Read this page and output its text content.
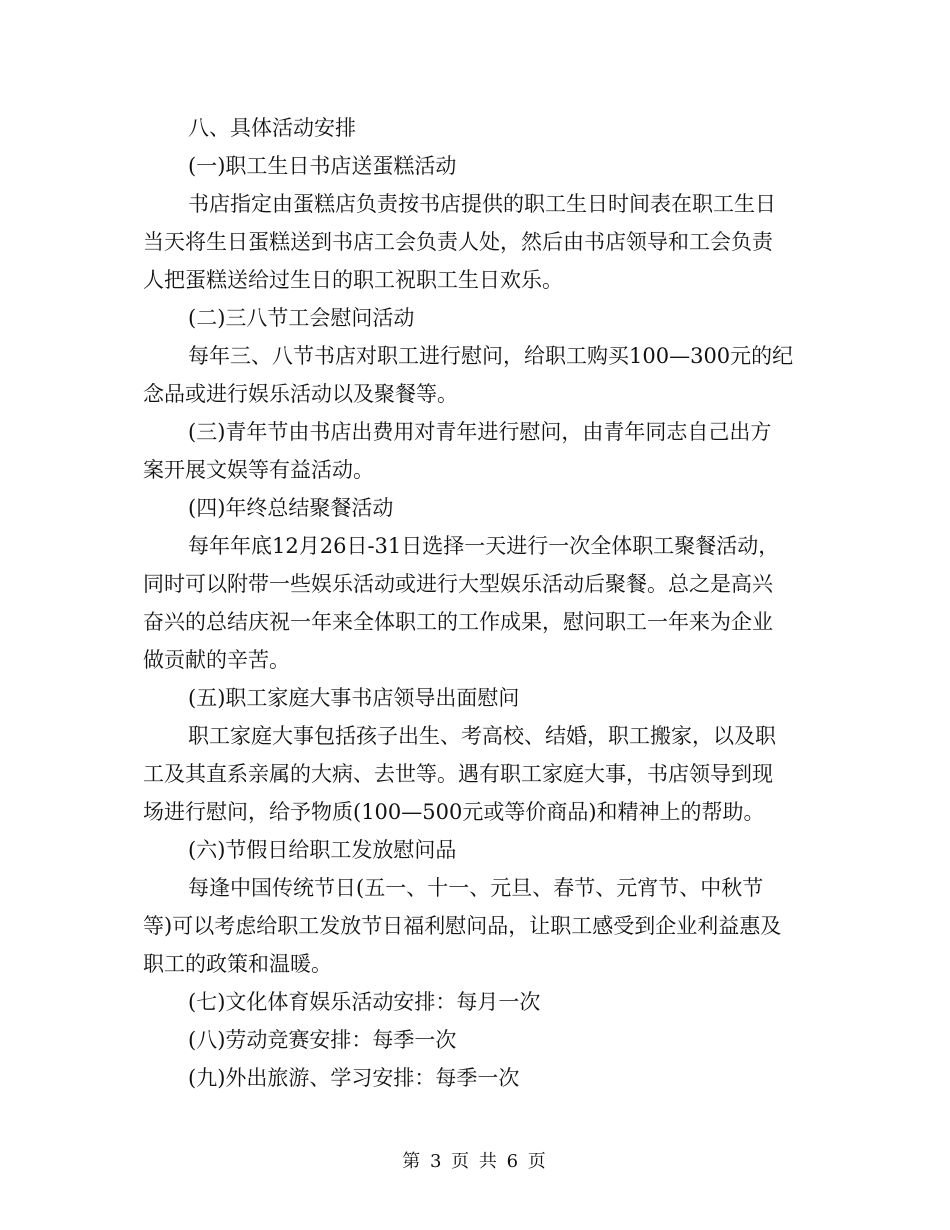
八、具体活动安排
(一)职工生日书店送蛋糕活动
书店指定由蛋糕店负责按书店提供的职工生日时间表在职工生日
当天将生日蛋糕送到书店工会负责人处，然后由书店领导和工会负责
人把蛋糕送给过生日的职工祝职工生日欢乐。
(二)三八节工会慰问活动
每年三、八节书店对职工进行慰问，给职工购买100—300元的纪
念品或进行娱乐活动以及聚餐等。
(三)青年节由书店出费用对青年进行慰问，由青年同志自己出方
案开展文娱等有益活动。
(四)年终总结聚餐活动
每年年底12月26日-31日选择一天进行一次全体职工聚餐活动，
同时可以附带一些娱乐活动或进行大型娱乐活动后聚餐。总之是高兴
奋兴的总结庆祝一年来全体职工的工作成果，慰问职工一年来为企业
做贡献的辛苦。
(五)职工家庭大事书店领导出面慰问
职工家庭大事包括孩子出生、考高校、结婚，职工搬家，以及职
工及其直系亲属的大病、去世等。遇有职工家庭大事，书店领导到现
场进行慰问，给予物质(100—500元或等价商品)和精神上的帮助。
(六)节假日给职工发放慰问品
每逢中国传统节日(五一、十一、元旦、春节、元宵节、中秋节
等)可以考虑给职工发放节日福利慰问品，让职工感受到企业利益惠及
职工的政策和温暖。
(七)文化体育娱乐活动安排：每月一次
(八)劳动竞赛安排：每季一次
(九)外出旅游、学习安排：每季一次
第 3 页 共 6 页
